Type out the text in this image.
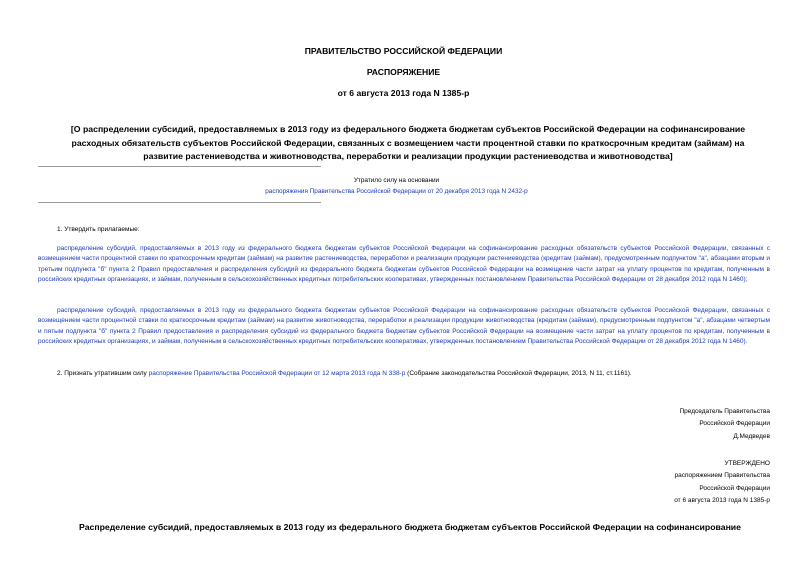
ПРАВИТЕЛЬСТВО РОССИЙСКОЙ ФЕДЕРАЦИИ
РАСПОРЯЖЕНИЕ
от 6 августа 2013 года N 1385-р
[О распределении субсидий, предоставляемых в 2013 году из федерального бюджета бюджетам субъектов Российской Федерации на софинансирование расходных обязательств субъектов Российской Федерации, связанных с возмещением части процентной ставки по краткосрочным кредитам (займам) на развитие растениеводства и животноводства, переработки и реализации продукции растениеводства и животноводства]
Утратило силу на основании
распоряжения Правительства Российской Федерации от 20 декабря 2013 года N 2432-р
1. Утвердить прилагаемые:
распределение субсидий, предоставляемых в 2013 году из федерального бюджета бюджетам субъектов Российской Федерации на софинансирование расходных обязательств субъектов Российской Федерации, связанных с возмещением части процентной ставки по краткосрочным кредитам (займам) на развитие растениеводства, переработки и реализации продукции растениеводства (кредитам (займам), предусмотренным подпунктом "а", абзацами вторым и третьим подпункта "б" пункта 2 Правил предоставления и распределения субсидий из федерального бюджета бюджетам субъектов Российской Федерации на возмещение части затрат на уплату процентов по кредитам, полученным в российских кредитных организациях, и займам, полученным в сельскохозяйственных кредитных потребительских кооперативах, утвержденных постановлением Правительства Российской Федерации от 28 декабря 2012 года N 1460);
распределение субсидий, предоставляемых в 2013 году из федерального бюджета бюджетам субъектов Российской Федерации на софинансирование расходных обязательств субъектов Российской Федерации, связанных с возмещением части процентной ставки по краткосрочным кредитам (займам) на развитие животноводства, переработки и реализации продукции животноводства (кредитам (займам), предусмотренным подпунктом "а", абзацами четвертым и пятым подпункта "б" пункта 2 Правил предоставления и распределения субсидий из федерального бюджета бюджетам субъектов Российской Федерации на возмещение части затрат на уплату процентов по кредитам, полученным в российских кредитных организациях, и займам, полученным в сельскохозяйственных кредитных потребительских кооперативах, утвержденных постановлением Правительства Российской Федерации от 28 декабря 2012 года N 1460).
2. Признать утратившим силу распоряжение Правительства Российской Федерации от 12 марта 2013 года N 338-р (Собрание законодательства Российской Федерации, 2013, N 11, ст.1161).
Председатель Правительства
Российской Федерации
Д.Медведев
УТВЕРЖДЕНО
распоряжением Правительства
Российской Федерации
от 6 августа 2013 года N 1385-р
Распределение субсидий, предоставляемых в 2013 году из федерального бюджета бюджетам субъектов Российской Федерации на софинансирование
